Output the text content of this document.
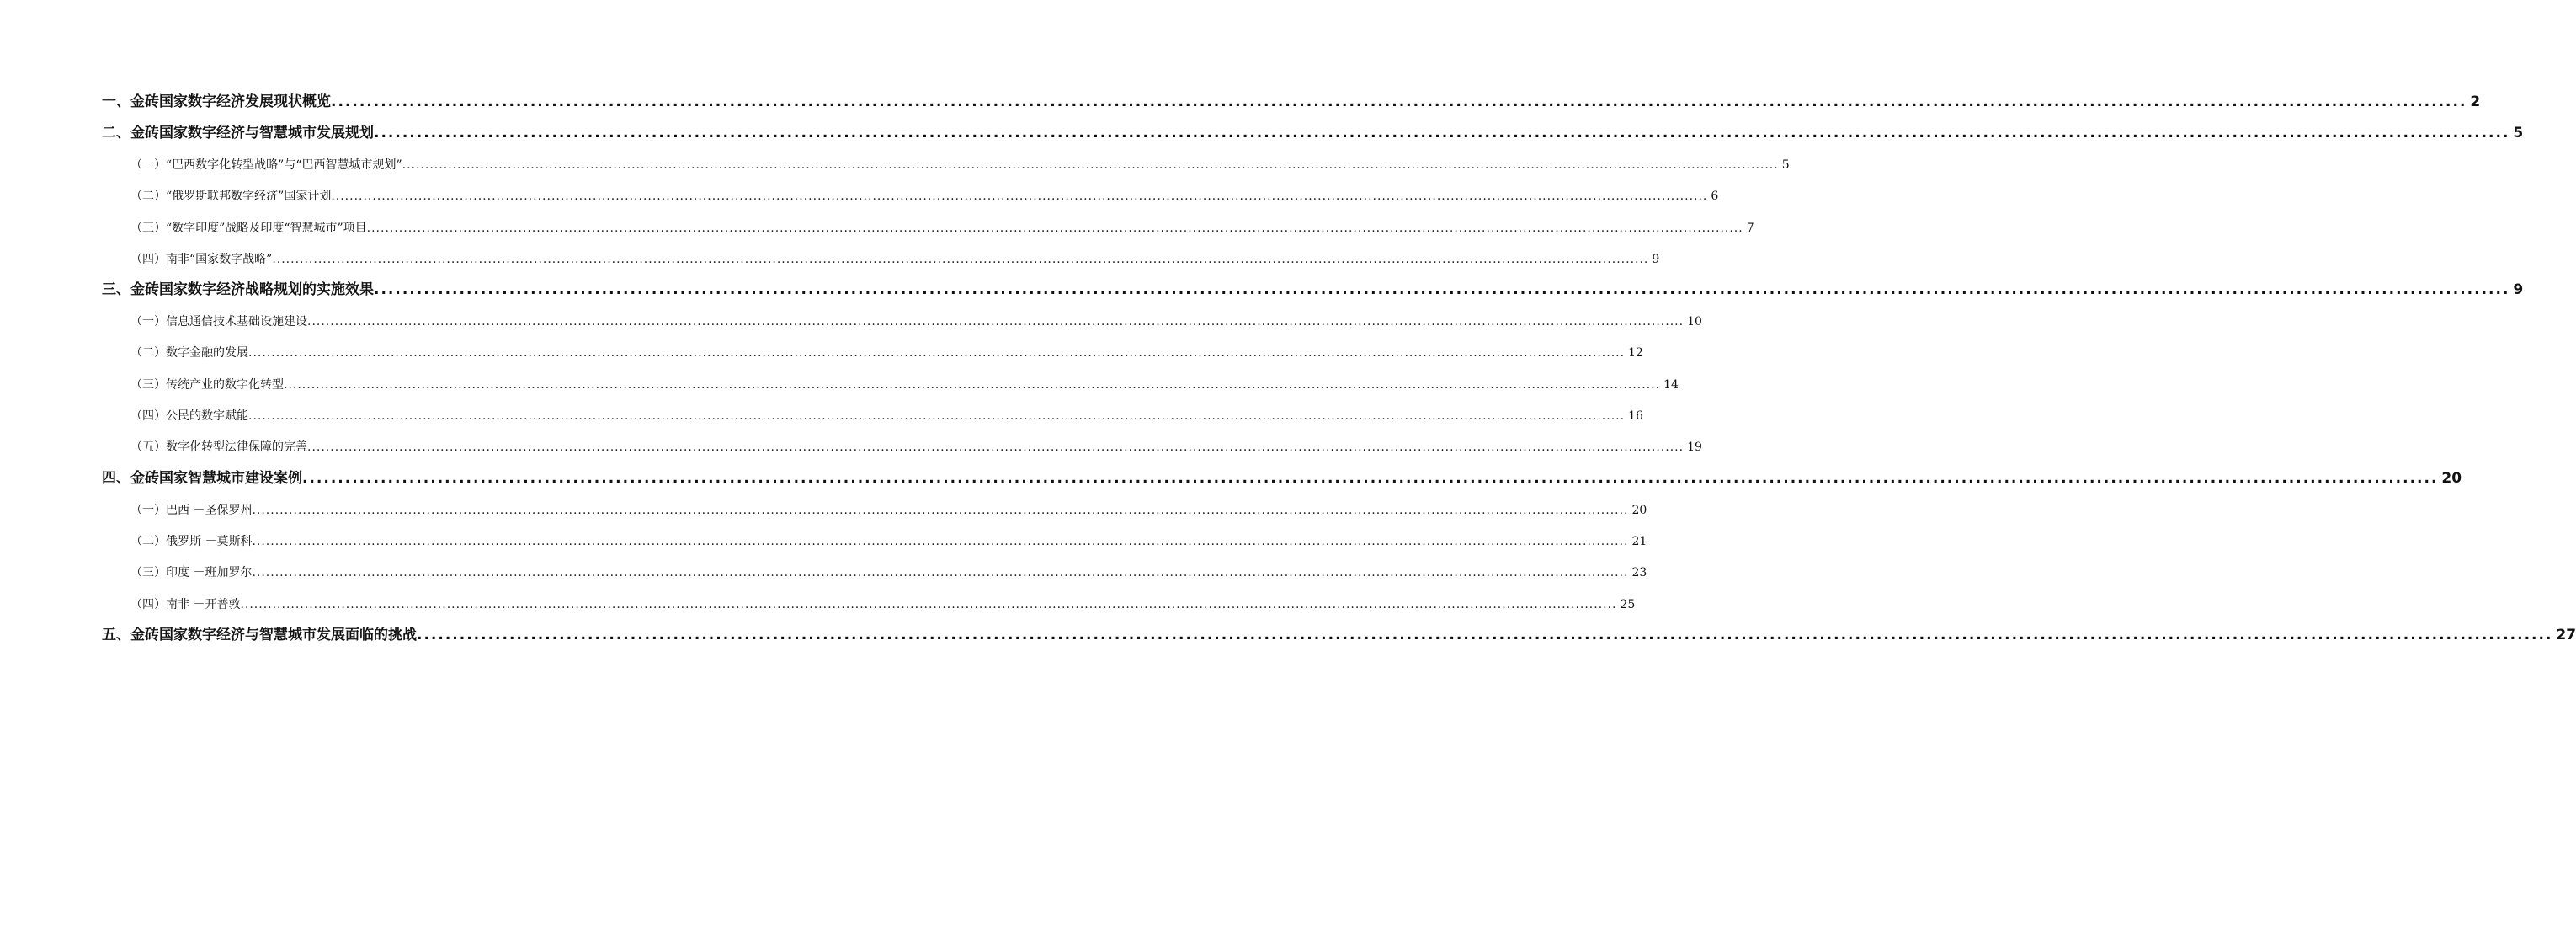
一、金砖国家数字经济发展现状概览 ............................................................................................................................................................................................................................................................................................................ 2
二、金砖国家数字经济与智慧城市发展规划 ............................................................................................................................................................................................................................................................................................................ 5
（一）“巴西数字化转型战略”与“巴西智慧城市规划” ............................................................................................................................................................................................................................................................................................................ 5
（二）“俄罗斯联邦数字经济”国家计划 ............................................................................................................................................................................................................................................................................................................ 6
（三）“数字印度”战略及印度“智慧城市”项目 ............................................................................................................................................................................................................................................................................................................ 7
（四）南非“国家数字战略” ............................................................................................................................................................................................................................................................................................................ 9
三、金砖国家数字经济战略规划的实施效果 ............................................................................................................................................................................................................................................................................................................ 9
（一）信息通信技术基础设施建设 ............................................................................................................................................................................................................................................................................................................ 10
（二）数字金融的发展 ............................................................................................................................................................................................................................................................................................................ 12
（三）传统产业的数字化转型 ............................................................................................................................................................................................................................................................................................................ 14
（四）公民的数字赋能 ............................................................................................................................................................................................................................................................................................................ 16
（五）数字化转型法律保障的完善 ............................................................................................................................................................................................................................................................................................................ 19
四、金砖国家智慧城市建设案例 ............................................................................................................................................................................................................................................................................................................ 20
（一）巴西 －圣保罗州 ............................................................................................................................................................................................................................................................................................................ 20
（二）俄罗斯 －莫斯科 ............................................................................................................................................................................................................................................................................................................ 21
（三）印度 －班加罗尔 ............................................................................................................................................................................................................................................................................................................ 23
（四）南非 －开普敦 ............................................................................................................................................................................................................................................................................................................ 25
五、金砖国家数字经济与智慧城市发展面临的挑战 ............................................................................................................................................................................................................................................................................................................ 27
